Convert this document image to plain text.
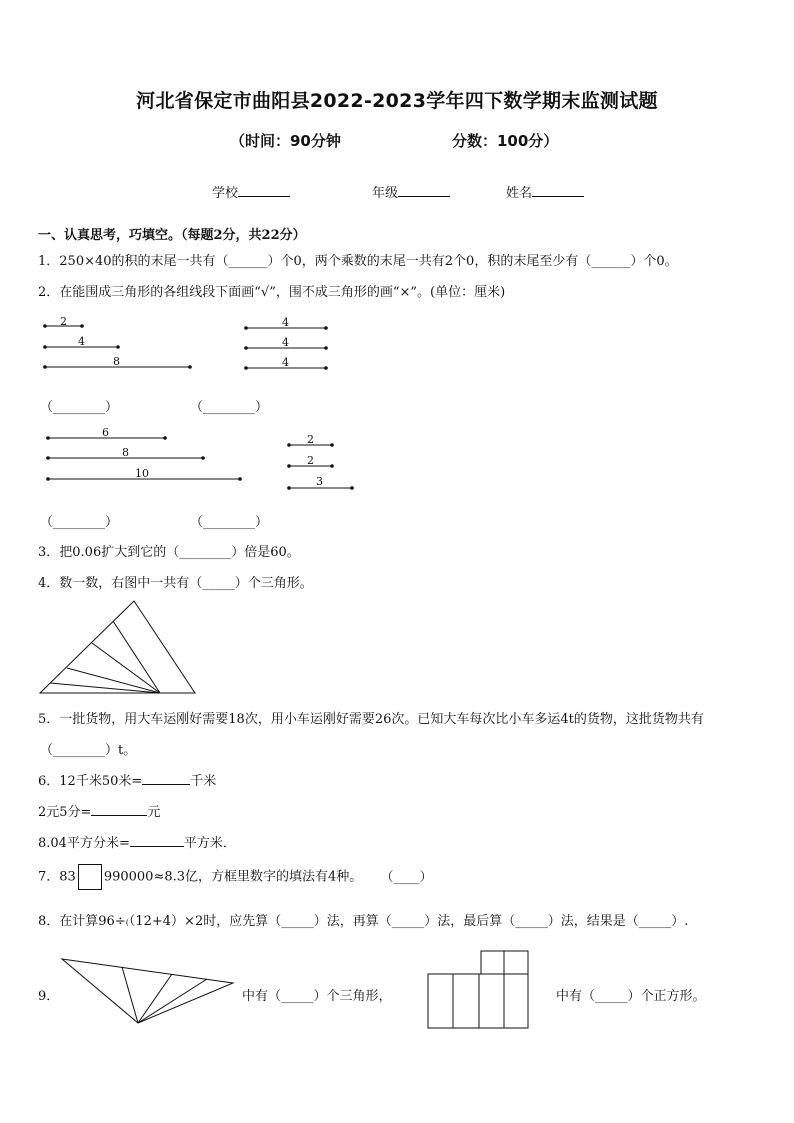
河北省保定市曲阳县2022-2023学年四下数学期末监测试题
（时间：90分钟	分数：100分）
学校	年级	姓名
一、认真思考，巧填空。（每题2分，共22分）
1．250×40的积的末尾一共有（______）个0，两个乘数的末尾一共有2个0，积的末尾至少有（______）个0。
2．在能围成三角形的各组线段下面画“√”，围不成三角形的画“×”。(单位：厘米)
2
4
8
4
4
4
6
8
10
2
2
3
（________）	（________）
（________）	（________）
3．把0.06扩大到它的（________）倍是60。
4．数一数，右图中一共有（_____）个三角形。
5．一批货物，用大车运刚好需要18次，用小车运刚好需要26次。已知大车每次比小车多运4t的货物，这批货物共有
（________）t。
6．12千米50米=	千米
2元5分=	元
8.04平方分米=	平方米．
7．83 990000≈8.3亿，方框里数字的填法有4种。 （____）
8．在计算96÷(（12+4）×2时，应先算（_____）法，再算（_____）法，最后算（_____）法，结果是（_____）.
9．	中有（_____）个三角形，	中有（_____）个正方形。
